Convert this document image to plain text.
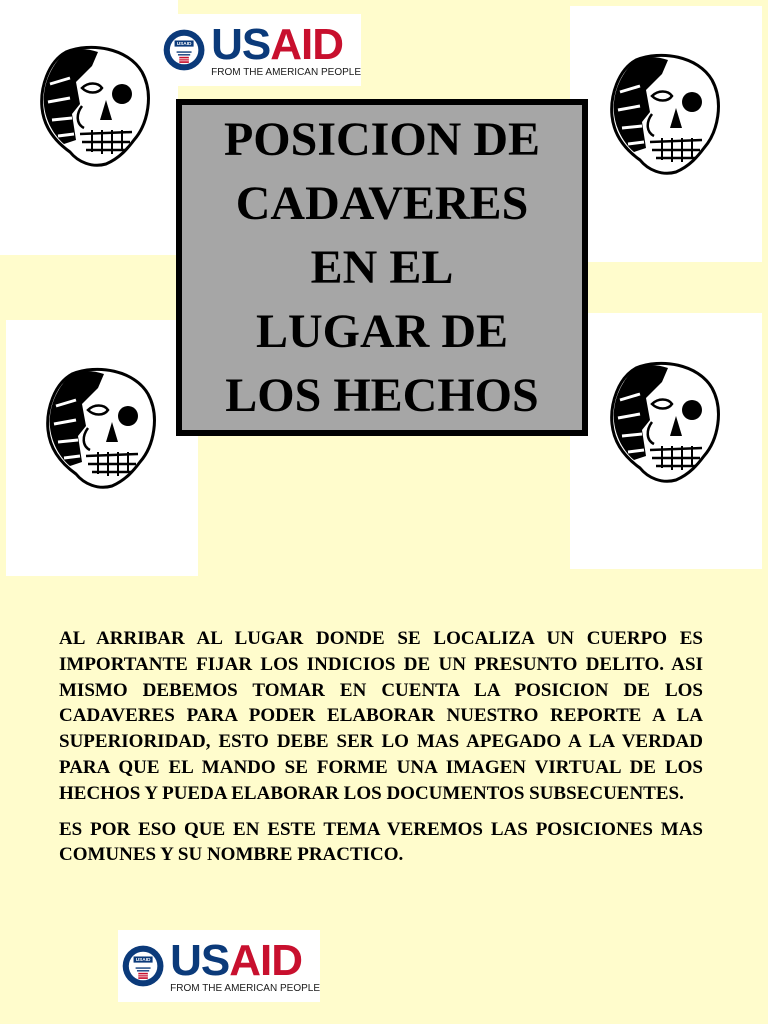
USAID USAID
FROM THE AMERICAN PEOPLE
POSICION DE
CADAVERES
EN EL
LUGAR DE
LOS HECHOS

AL ARRIBAR AL LUGAR DONDE SE LOCALIZA UN CUERPO ES IMPORTANTE FIJAR LOS INDICIOS DE UN PRESUNTO DELITO. ASI MISMO DEBEMOS TOMAR EN CUENTA LA POSICION DE LOS CADAVERES PARA PODER ELABORAR NUESTRO REPORTE A LA SUPERIORIDAD, ESTO DEBE SER LO MAS APEGADO A LA VERDAD PARA QUE EL MANDO SE FORME UNA IMAGEN VIRTUAL DE LOS HECHOS Y PUEDA ELABORAR LOS DOCUMENTOS SUBSECUENTES.

ES POR ESO QUE EN ESTE TEMA VEREMOS LAS POSICIONES MAS COMUNES Y SU NOMBRE PRACTICO.

USAID USAID
FROM THE AMERICAN PEOPLE
